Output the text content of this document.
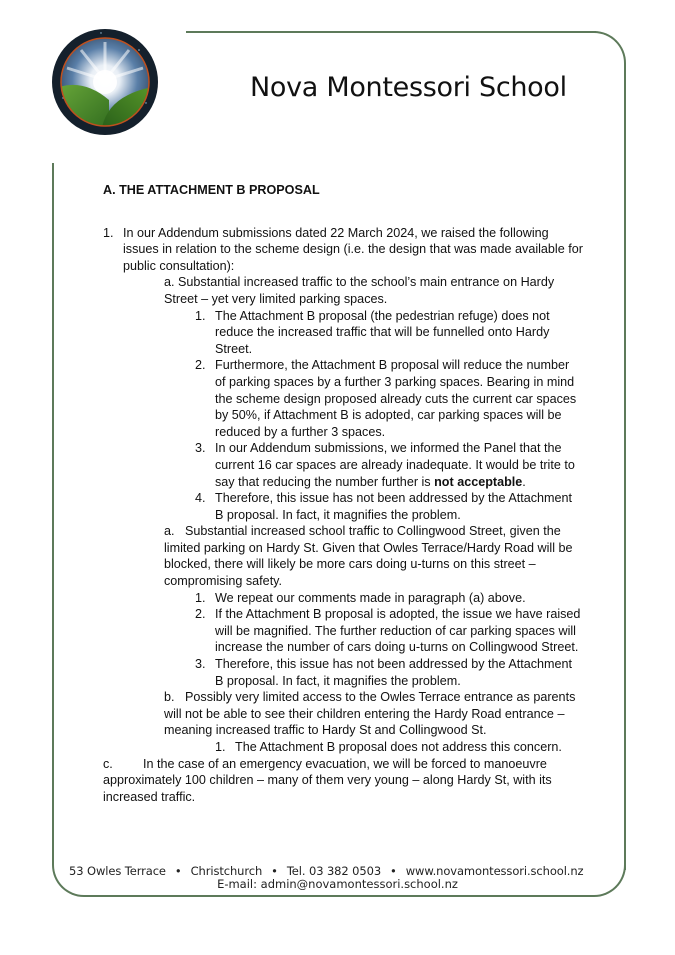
Nova Montessori School
A. THE ATTACHMENT B PROPOSAL
1. In our Addendum submissions dated 22 March 2024, we raised the following issues in relation to the scheme design (i.e. the design that was made available for public consultation):
a. Substantial increased traffic to the school’s main entrance on Hardy Street – yet very limited parking spaces.
1. The Attachment B proposal (the pedestrian refuge) does not reduce the increased traffic that will be funnelled onto Hardy Street.
2. Furthermore, the Attachment B proposal will reduce the number of parking spaces by a further 3 parking spaces. Bearing in mind the scheme design proposed already cuts the current car spaces by 50%, if Attachment B is adopted, car parking spaces will be reduced by a further 3 spaces.
3. In our Addendum submissions, we informed the Panel that the current 16 car spaces are already inadequate. It would be trite to say that reducing the number further is not acceptable.
4. Therefore, this issue has not been addressed by the Attachment B proposal. In fact, it magnifies the problem.
a. Substantial increased school traffic to Collingwood Street, given the limited parking on Hardy St. Given that Owles Terrace/Hardy Road will be blocked, there will likely be more cars doing u-turns on this street – compromising safety.
1. We repeat our comments made in paragraph (a) above.
2. If the Attachment B proposal is adopted, the issue we have raised will be magnified. The further reduction of car parking spaces will increase the number of cars doing u-turns on Collingwood Street.
3. Therefore, this issue has not been addressed by the Attachment B proposal. In fact, it magnifies the problem.
b. Possibly very limited access to the Owles Terrace entrance as parents will not be able to see their children entering the Hardy Road entrance – meaning increased traffic to Hardy St and Collingwood St.
1. The Attachment B proposal does not address this concern.
c. In the case of an emergency evacuation, we will be forced to manoeuvre approximately 100 children – many of them very young – along Hardy St, with its increased traffic.
53 Owles Terrace • Christchurch • Tel. 03 382 0503 • www.novamontessori.school.nz
E-mail: admin@novamontessori.school.nz
